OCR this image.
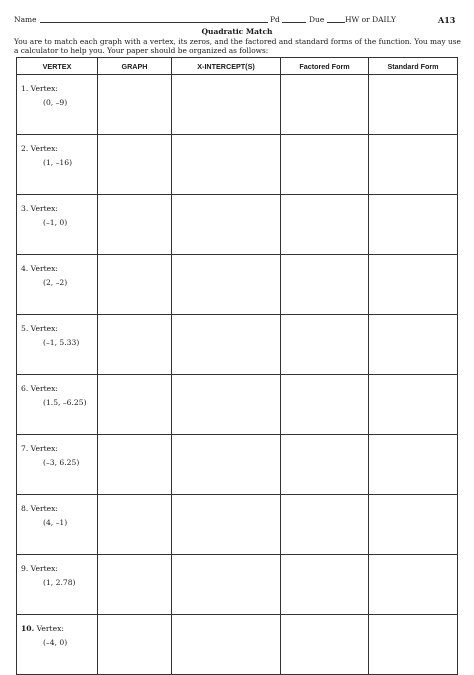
Name	Pd	Due	HW or DAILY	A13
Quadratic Match
You are to match each graph with a vertex, its zeros, and the factored and standard forms of the function. You may use a calculator to help you. Your paper should be organized as follows:
VERTEX	GRAPH	X-INTERCEPT(S)	Factored Form	Standard Form
1. Vertex:
(0, –9)				

2. Vertex:
(1, –16)				

3. Vertex:
(–1, 0)				

4. Vertex:
(2, –2)				

5. Vertex:
(–1, 5.33)				

6. Vertex:
(1.5, –6.25)				

7. Vertex:
(–3, 6.25)				

8. Vertex:
(4, –1)				

9. Vertex:
(1, 2.78)				

10. Vertex:
(–4, 0)				
